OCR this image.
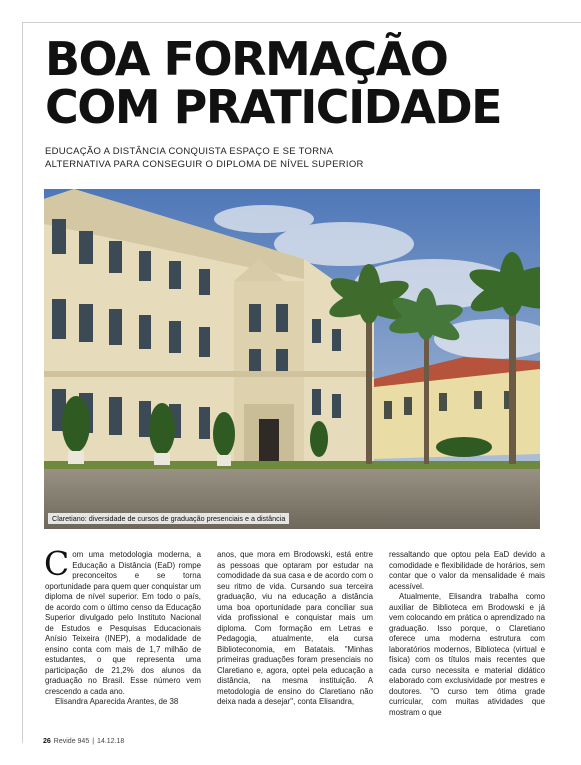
BOA FORMAÇÃO
COM PRATICIDADE

EDUCAÇÃO A DISTÂNCIA CONQUISTA ESPAÇO E SE TORNA
ALTERNATIVA PARA CONSEGUIR O DIPLOMA DE NÍVEL SUPERIOR

Claretiano: diversidade de cursos de graduação presenciais e a distância

Com uma metodologia moderna, a Educação a Distância (EaD) rompe preconceitos e se torna oportunidade para quem quer conquistar um diploma de nível superior. Em todo o país, de acordo com o último censo da Educação Superior divulgado pelo Instituto Nacional de Estudos e Pesquisas Educacionais Anísio Teixeira (INEP), a modalidade de ensino conta com mais de 1,7 milhão de estudantes, o que representa uma participação de 21,2% dos alunos da graduação no Brasil. Esse número vem crescendo a cada ano.

Elisandra Aparecida Arantes, de 38

anos, que mora em Brodowski, está entre as pessoas que optaram por estudar na comodidade da sua casa e de acordo com o seu ritmo de vida. Cursando sua terceira graduação, viu na educação a distância uma boa oportunidade para conciliar sua vida profissional e conquistar mais um diploma. Com formação em Letras e Pedagogia, atualmente, ela cursa Biblioteconomia, em Batatais. "Minhas primeiras graduações foram presenciais no Claretiano e, agora, optei pela educação a distância, na mesma instituição. A metodologia de ensino do Claretiano não deixa nada a desejar", conta Elisandra,

ressaltando que optou pela EaD devido a comodidade e flexibilidade de horários, sem contar que o valor da mensalidade é mais acessível.

Atualmente, Elisandra trabalha como auxiliar de Biblioteca em Brodowski e já vem colocando em prática o aprendizado na graduação. Isso porque, o Claretiano oferece uma moderna estrutura com laboratórios modernos, Biblioteca (virtual e física) com os títulos mais recentes que cada curso necessita e material didático elaborado com exclusividade por mestres e doutores. "O curso tem ótima grade curricular, com muitas atividades que mostram o que

26 Revide 945 | 14.12.18
